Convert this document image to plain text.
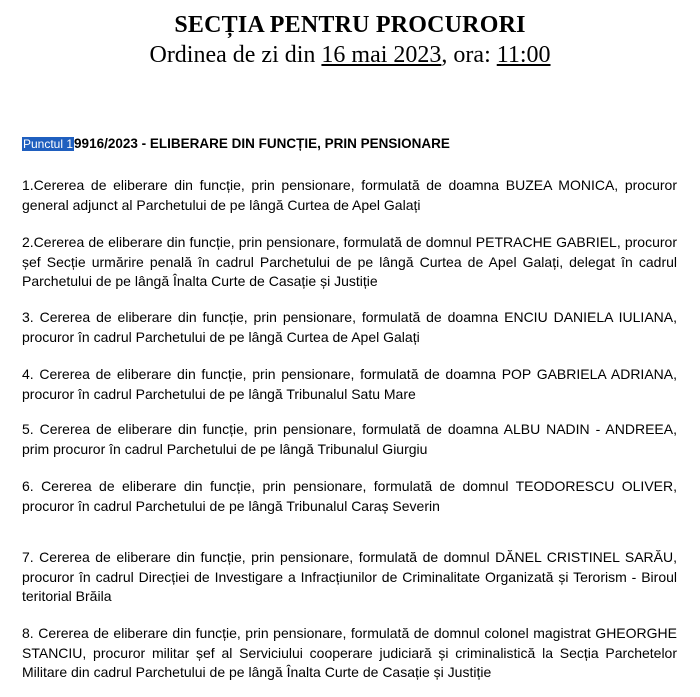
SECȚIA PENTRU PROCURORI
Ordinea de zi din 16 mai 2023, ora: 11:00
Punctul 19916/2023 - ELIBERARE DIN FUNCȚIE, PRIN PENSIONARE
1.Cererea de eliberare din funcție, prin pensionare, formulată de doamna BUZEA MONICA, procuror general adjunct al Parchetului de pe lângă Curtea de Apel Galați
2.Cererea de eliberare din funcție, prin pensionare, formulată de domnul PETRACHE GABRIEL, procuror șef Secție urmărire penală în cadrul Parchetului de pe lângă Curtea de Apel Galați, delegat în cadrul Parchetului de pe lângă Înalta Curte de Casație și Justiție
3. Cererea de eliberare din funcție, prin pensionare, formulată de doamna ENCIU DANIELA IULIANA, procuror în cadrul Parchetului de pe lângă Curtea de Apel Galați
4. Cererea de eliberare din funcție, prin pensionare, formulată de doamna POP GABRIELA ADRIANA, procuror în cadrul Parchetului de pe lângă Tribunalul Satu Mare
5. Cererea de eliberare din funcție, prin pensionare, formulată de doamna ALBU NADIN - ANDREEA, prim procuror în cadrul Parchetului de pe lângă Tribunalul Giurgiu
6. Cererea de eliberare din funcție, prin pensionare, formulată de domnul TEODORESCU OLIVER, procuror în cadrul Parchetului de pe lângă Tribunalul Caraș Severin
7. Cererea de eliberare din funcție, prin pensionare, formulată de domnul DĂNEL CRISTINEL SARĂU, procuror în cadrul Direcției de Investigare a Infracțiunilor de Criminalitate Organizată și Terorism - Biroul teritorial Brăila
8. Cererea de eliberare din funcție, prin pensionare, formulată de domnul colonel magistrat GHEORGHE STANCIU, procuror militar șef al Serviciului cooperare judiciară și criminalistică la Secția Parchetelor Militare din cadrul Parchetului de pe lângă Înalta Curte de Casație și Justiție
